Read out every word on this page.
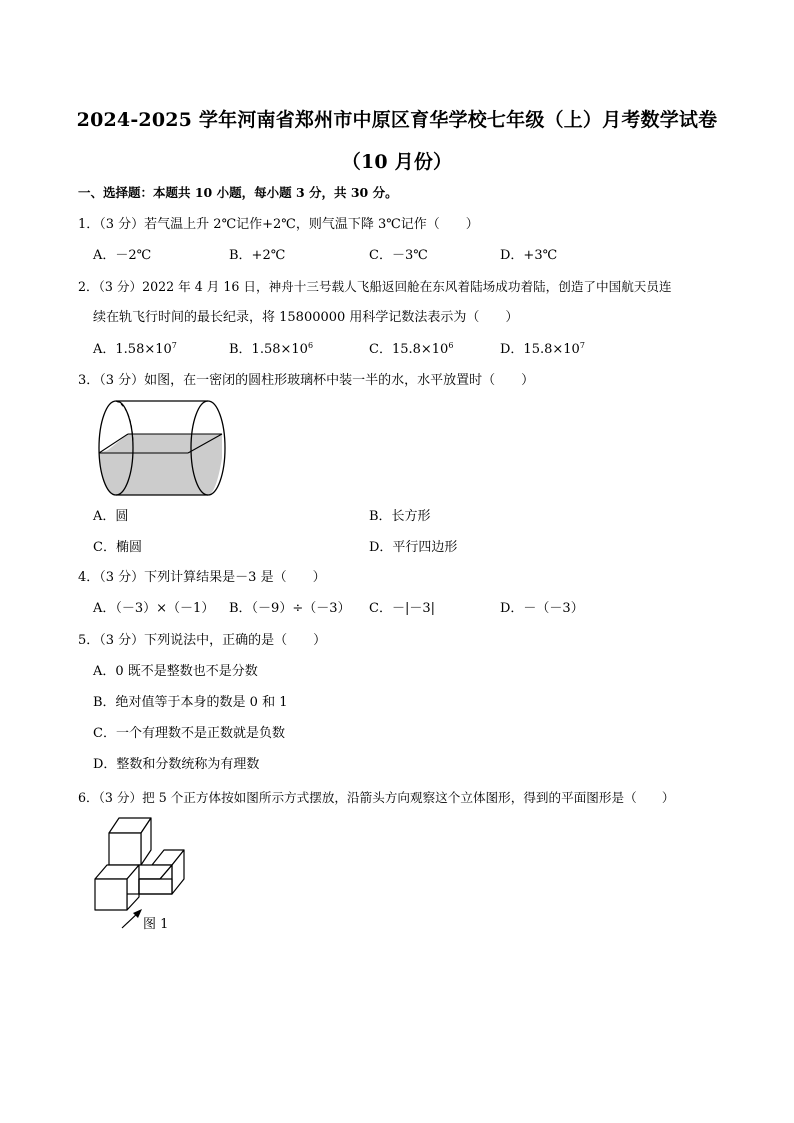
2024-2025 学年河南省郑州市中原区育华学校七年级（上）月考数学试卷
（10 月份）
一、选择题：本题共 10 小题，每小题 3 分，共 30 分。
1．（3 分）若气温上升 2℃记作+2℃，则气温下降 3℃记作（　　）
A．－2℃	B．+2℃	C．－3℃	D．+3℃
2．（3 分）2022 年 4 月 16 日，神舟十三号载人飞船返回舱在东风着陆场成功着陆，创造了中国航天员连
续在轨飞行时间的最长纪录，将 15800000 用科学记数法表示为（　　）
A．$1.58\times 10^7$	B．$1.58\times 10^6$	C．$15.8\times 10^6$	D．$15.8\times 10^7$
3．（3 分）如图，在一密闭的圆柱形玻璃杯中装一半的水，水平放置时（　　）
A．圆	B．长方形
C．椭圆	D．平行四边形
4．（3 分）下列计算结果是－3 是（　　）
A．（－3）×（－1） B．（－9）÷（－3） C．－|－3|	D．－（－3）
5．（3 分）下列说法中，正确的是（　　）
A．0 既不是整数也不是分数
B．绝对值等于本身的数是 0 和 1
C．一个有理数不是正数就是负数
D．整数和分数统称为有理数
6．（3 分）把 5 个正方体按如图所示方式摆放，沿箭头方向观察这个立体图形，得到的平面图形是（　　）
图 1
